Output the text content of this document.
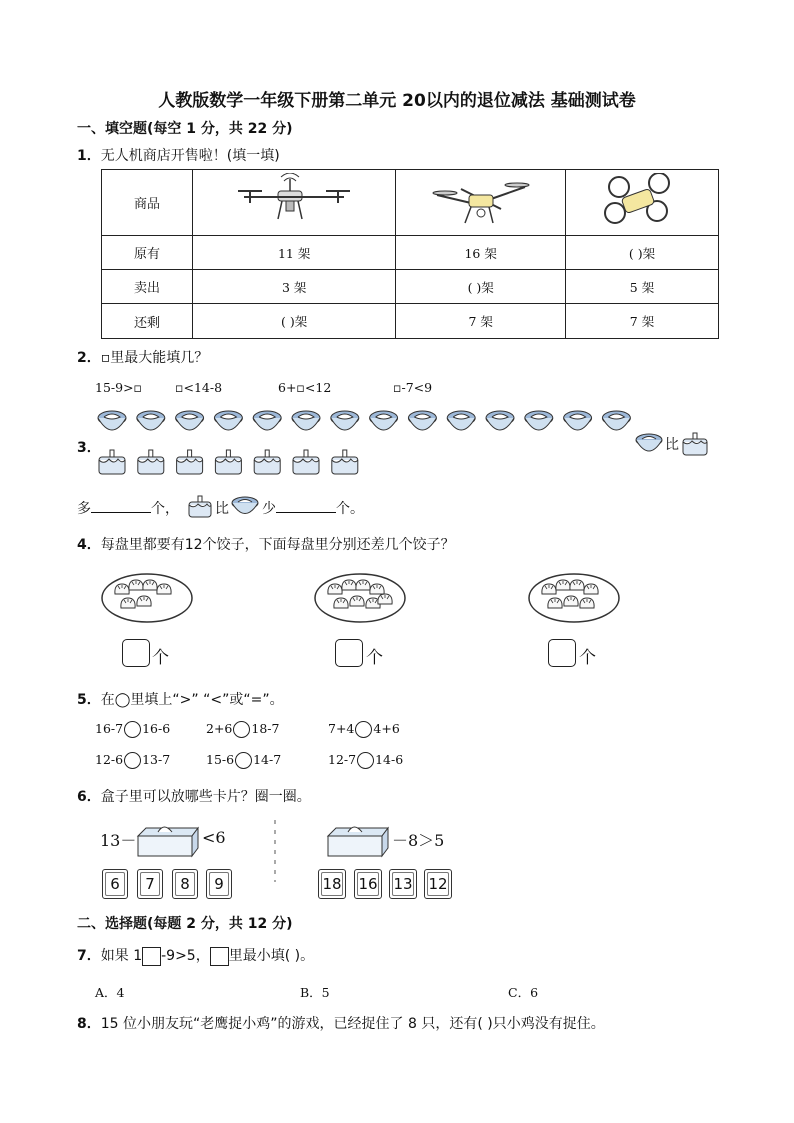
人教版数学一年级下册第二单元 20以内的退位减法 基础测试卷
一、填空题(每空 1 分，共 22 分)
1．无人机商店开售啦！(填一填)
商品			
原有	11 架	16 架	( )架
卖出	3 架	( )架	5 架
还剩	( )架	7 架	7 架
2．▫里最大能填几？
15-9>▫	▫<14-8	6+▫<12	▫-7<9
3．	比
多	个，	比 少	个。
4．每盘里都要有12个饺子，下面每盘里分别还差几个饺子？
个	个	个
5．在◯里填上“>” “<”或“=”。
16-7 16-6	2+6 18-7	7+4 4+6
12-6 13-7	15-6 14-7	12-7 14-6
6．盒子里可以放哪些卡片？圈一圈。
13－	<6	－8＞5
6	7	8	9	18 16 13 12
二、选择题(每题 2 分，共 12 分)
7．如果 1 -9>5， 里最小填( )。
A．4	B．5	C．6
8．15 位小朋友玩“老鹰捉小鸡”的游戏，已经捉住了 8 只，还有( )只小鸡没有捉住。
